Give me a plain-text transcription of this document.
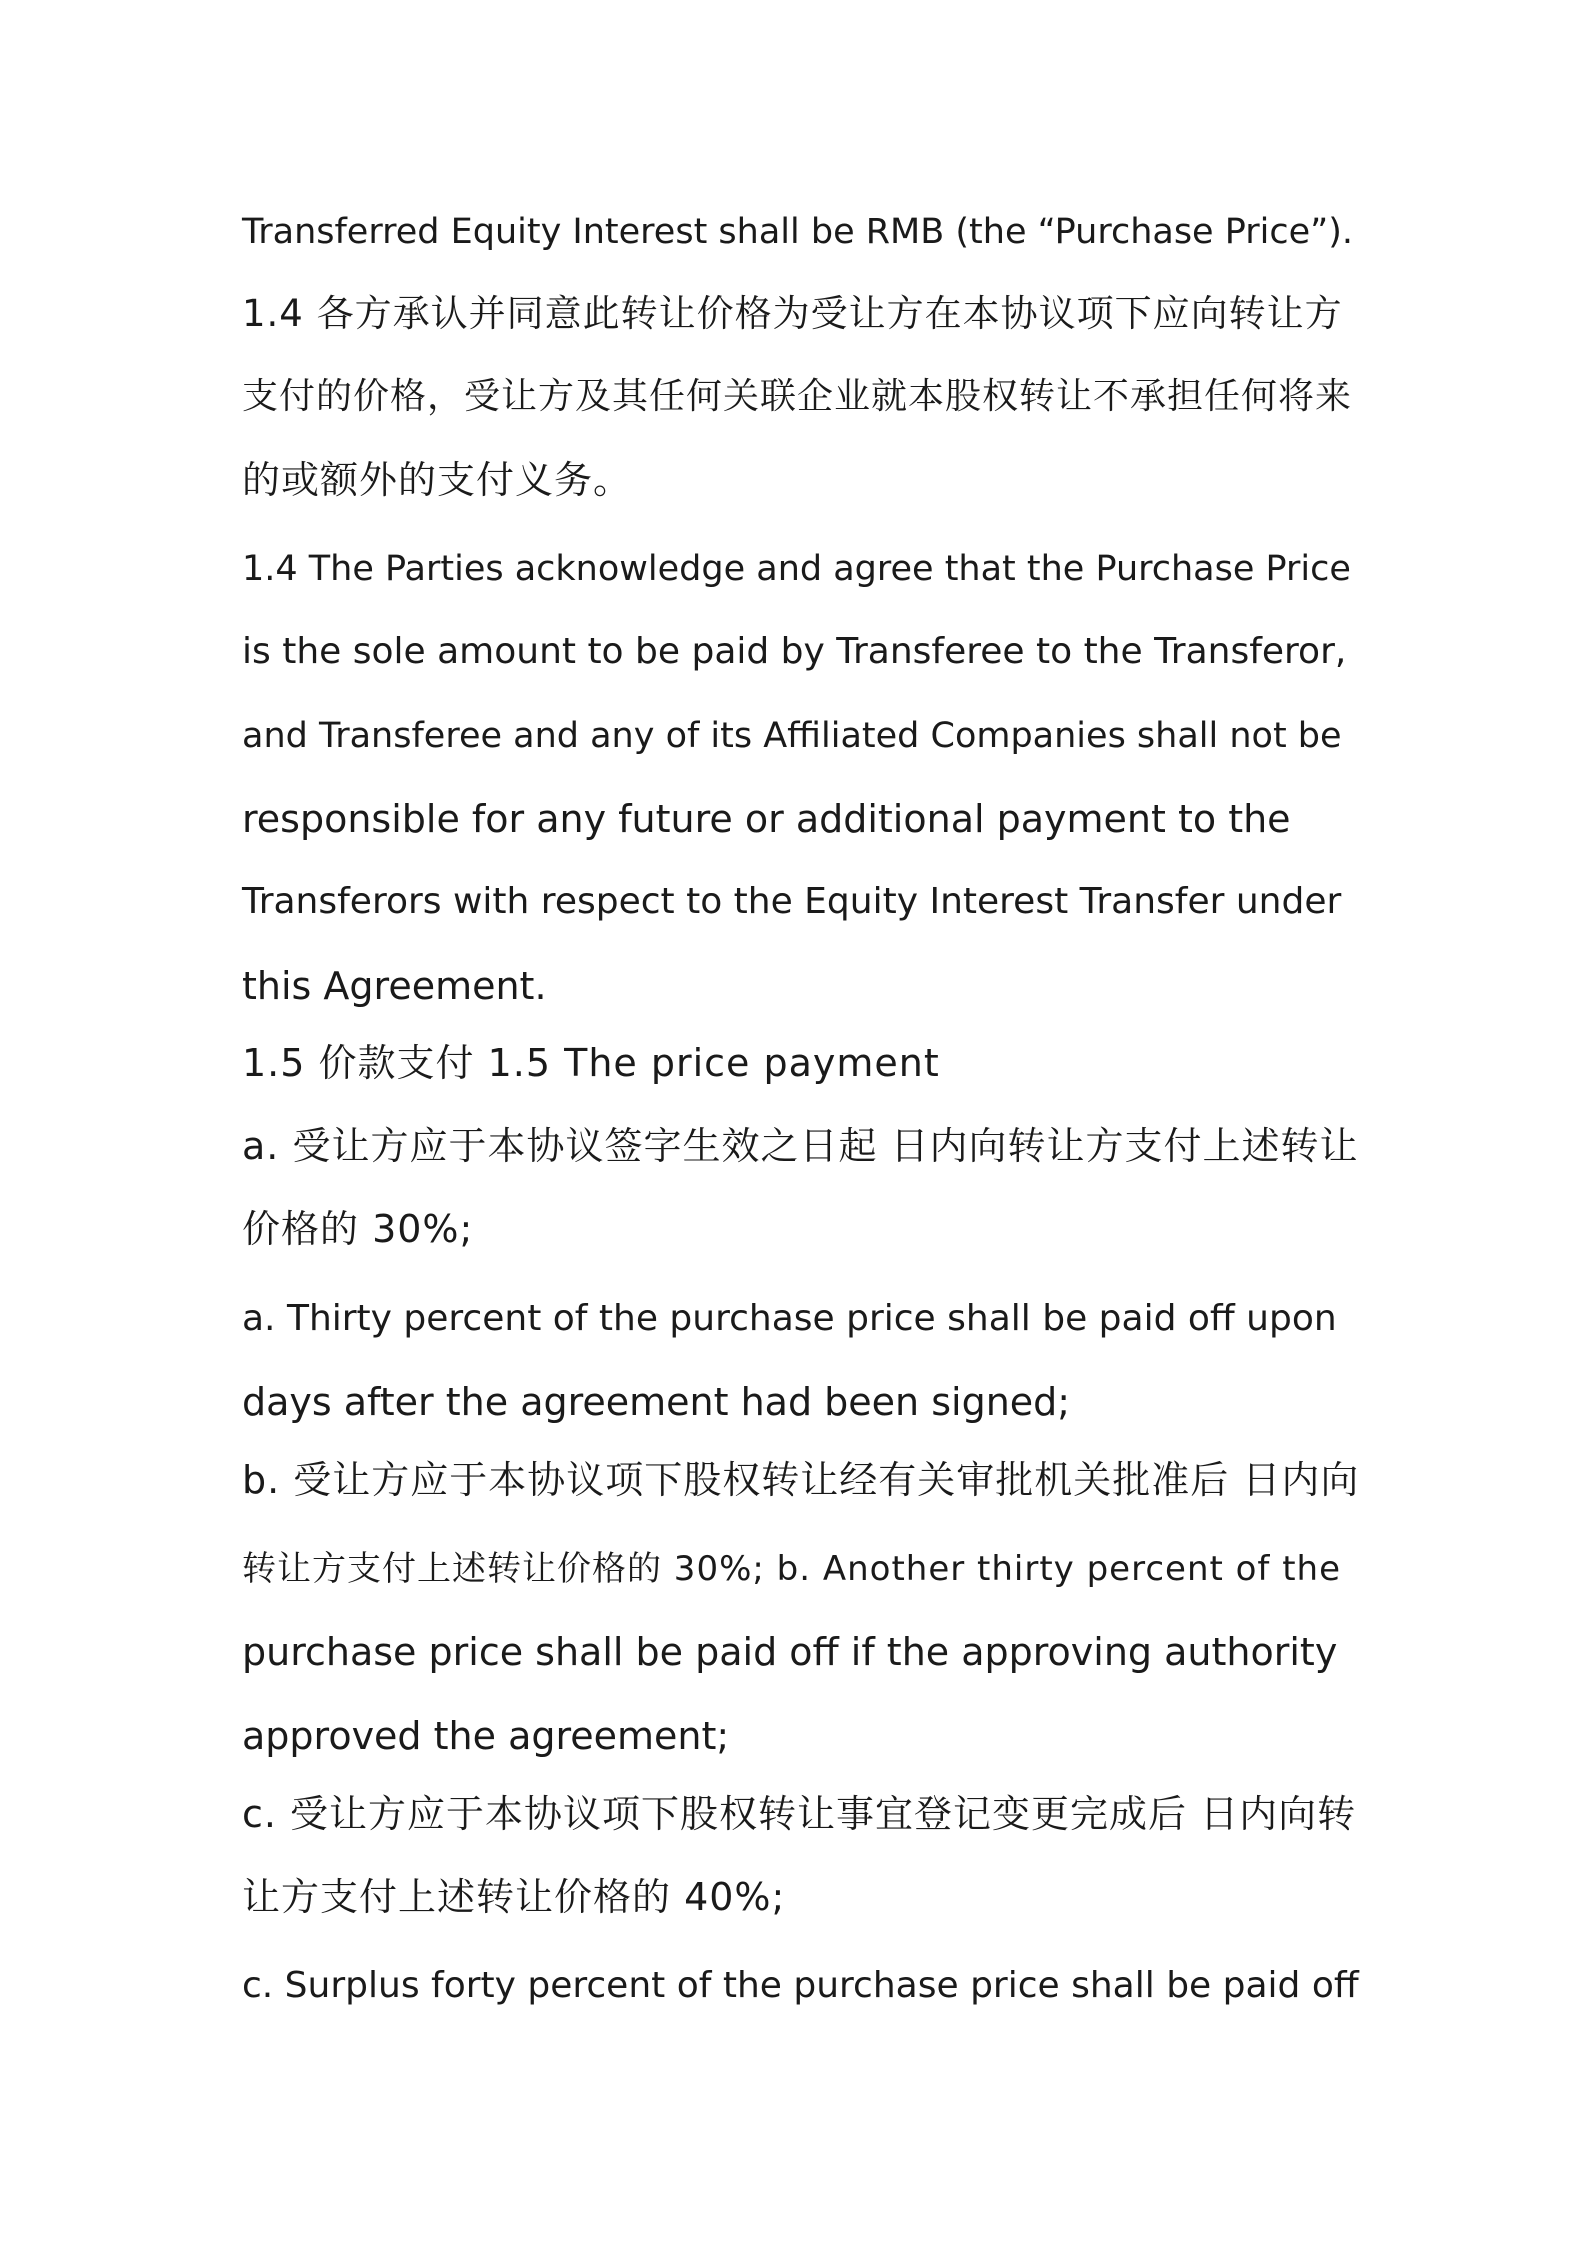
Transferred Equity Interest shall be RMB (the “Purchase Price”).
1.4 各方承认并同意此转让价格为受让方在本协议项下应向转让方
支付的价格，受让方及其任何关联企业就本股权转让不承担任何将来
的或额外的支付义务。
1.4 The Parties acknowledge and agree that the Purchase Price
is the sole amount to be paid by Transferee to the Transferor,
and Transferee and any of its Affiliated Companies shall not be
responsible for any future or additional payment to the
Transferors with respect to the Equity Interest Transfer under
this Agreement.
1.5 价款支付 1.5 The price payment
a. 受让方应于本协议签字生效之日起 日内向转让方支付上述转让
价格的 30%;
a. Thirty percent of the purchase price shall be paid off upon
days after the agreement had been signed;
b. 受让方应于本协议项下股权转让经有关审批机关批准后 日内向
转让方支付上述转让价格的 30%; b. Another thirty percent of the
purchase price shall be paid off if the approving authority
approved the agreement;
c. 受让方应于本协议项下股权转让事宜登记变更完成后 日内向转
让方支付上述转让价格的 40%;
c. Surplus forty percent of the purchase price shall be paid off
